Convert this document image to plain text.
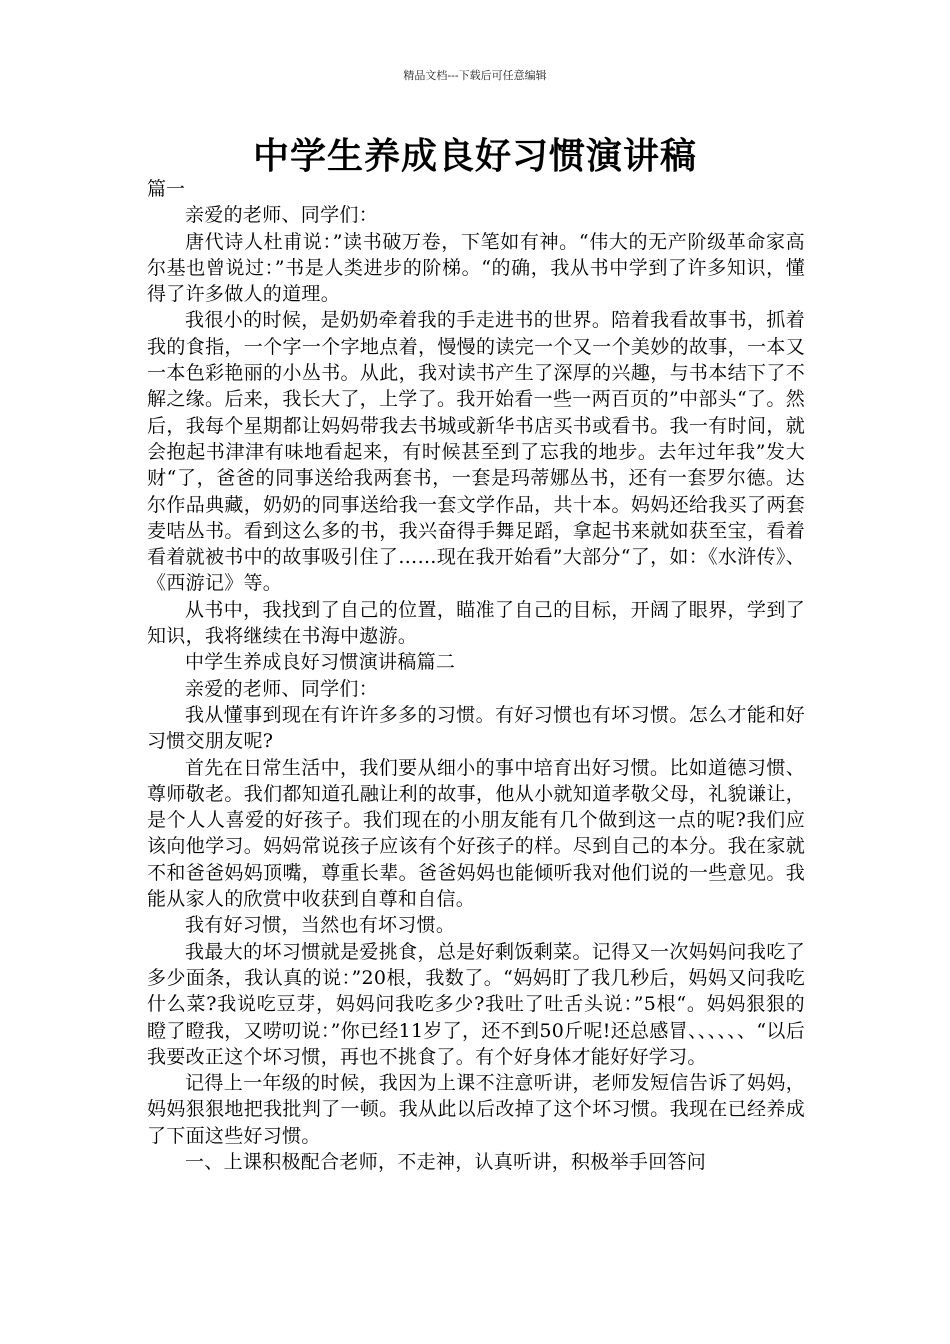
精品文档---下载后可任意编辑
中学生养成良好习惯演讲稿

篇一

亲爱的老师、同学们：

唐代诗人杜甫说：”读书破万卷，下笔如有神。“伟大的无产阶级革命家高尔基也曾说过：”书是人类进步的阶梯。“的确，我从书中学到了许多知识，懂得了许多做人的道理。

我很小的时候，是奶奶牵着我的手走进书的世界。陪着我看故事书，抓着我的食指，一个字一个字地点着，慢慢的读完一个又一个美妙的故事，一本又一本色彩艳丽的小丛书。从此，我对读书产生了深厚的兴趣，与书本结下了不解之缘。后来，我长大了，上学了。我开始看一些一两百页的”中部头“了。然后，我每个星期都让妈妈带我去书城或新华书店买书或看书。我一有时间，就会抱起书津津有味地看起来，有时候甚至到了忘我的地步。去年过年我”发大财“了，爸爸的同事送给我两套书，一套是玛蒂娜丛书，还有一套罗尔德。达尔作品典藏，奶奶的同事送给我一套文学作品，共十本。妈妈还给我买了两套麦咭丛书。看到这么多的书，我兴奋得手舞足蹈，拿起书来就如获至宝，看着看着就被书中的故事吸引住了……现在我开始看”大部分“了，如：《水浒传》、《西游记》等。

从书中，我找到了自己的位置，瞄准了自己的目标，开阔了眼界，学到了知识，我将继续在书海中遨游。

中学生养成良好习惯演讲稿篇二

亲爱的老师、同学们：

我从懂事到现在有许许多多的习惯。有好习惯也有坏习惯。怎么才能和好习惯交朋友呢?

首先在日常生活中，我们要从细小的事中培育出好习惯。比如道德习惯、尊师敬老。我们都知道孔融让利的故事，他从小就知道孝敬父母，礼貌谦让，是个人人喜爱的好孩子。我们现在的小朋友能有几个做到这一点的呢?我们应该向他学习。妈妈常说孩子应该有个好孩子的样。尽到自己的本分。我在家就不和爸爸妈妈顶嘴，尊重长辈。爸爸妈妈也能倾听我对他们说的一些意见。我能从家人的欣赏中收获到自尊和自信。

我有好习惯，当然也有坏习惯。

我最大的坏习惯就是爱挑食，总是好剩饭剩菜。记得又一次妈妈问我吃了多少面条，我认真的说：”20根，我数了。“妈妈盯了我几秒后，妈妈又问我吃什么菜?我说吃豆芽，妈妈问我吃多少?我吐了吐舌头说：”5根“。妈妈狠狠的瞪了瞪我，又唠叨说：”你已经11岁了，还不到50斤呢!还总感冒、、、、、、“以后我要改正这个坏习惯，再也不挑食了。有个好身体才能好好学习。

记得上一年级的时候，我因为上课不注意听讲，老师发短信告诉了妈妈，妈妈狠狠地把我批判了一顿。我从此以后改掉了这个坏习惯。我现在已经养成了下面这些好习惯。

一、上课积极配合老师，不走神，认真听讲，积极举手回答问
